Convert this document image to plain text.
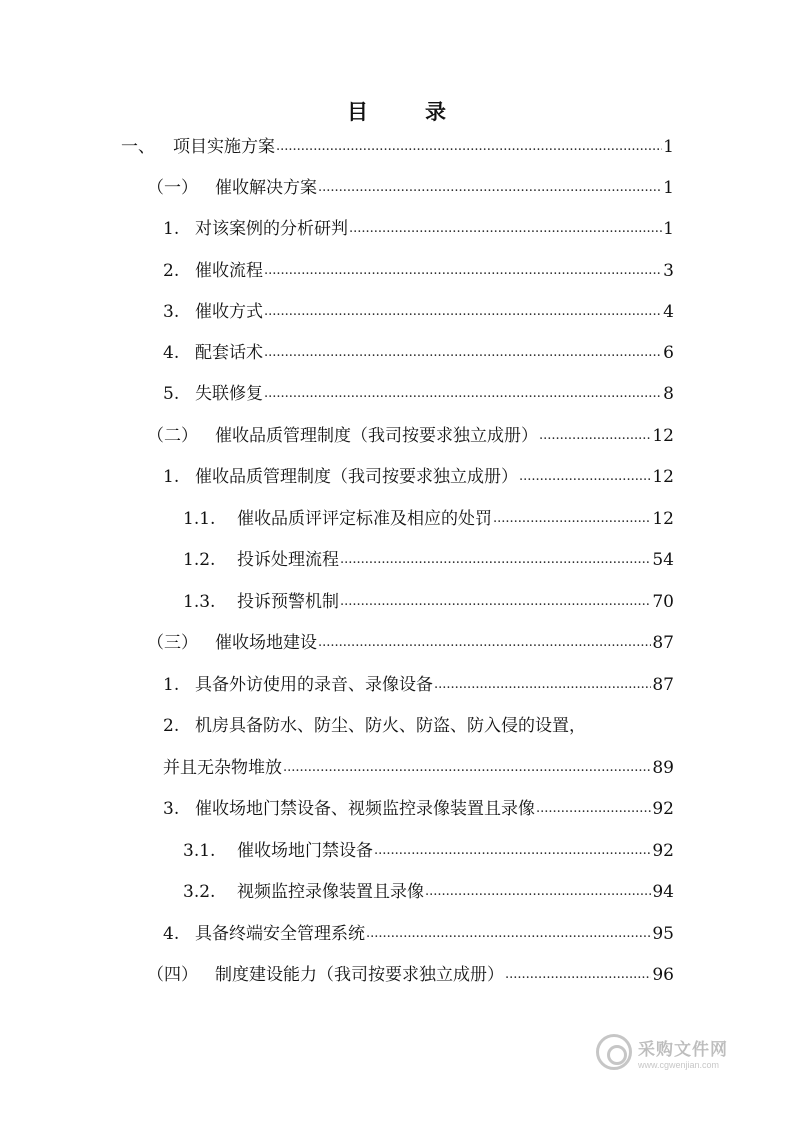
目　录
一、	项目实施方案 .....	1
（一）	催收解决方案 .....	1
1. 对该案例的分析研判 .....	1
2. 催收流程 .....	3
3. 催收方式 .....	4
4. 配套话术 .....	6
5. 失联修复 .....	8
（二）	催收品质管理制度（我司按要求独立成册） .....	12
1. 催收品质管理制度（我司按要求独立成册） .....	12
1.1.	催收品质评评定标准及相应的处罚 .....	12
1.2.	投诉处理流程 .....	54
1.3.	投诉预警机制 .....	70
（三）	催收场地建设 .....	87
1. 具备外访使用的录音、录像设备 .....	87
2. 机房具备防水、防尘、防火、防盗、防入侵的设置，
并且无杂物堆放 .....	89
3. 催收场地门禁设备、视频监控录像装置且录像 .....	92
3.1.	催收场地门禁设备 .....	92
3.2.	视频监控录像装置且录像 .....	94
4. 具备终端安全管理系统 .....	95
（四）	制度建设能力（我司按要求独立成册） .....	96
采购文件网
www.cgwenjian.com
